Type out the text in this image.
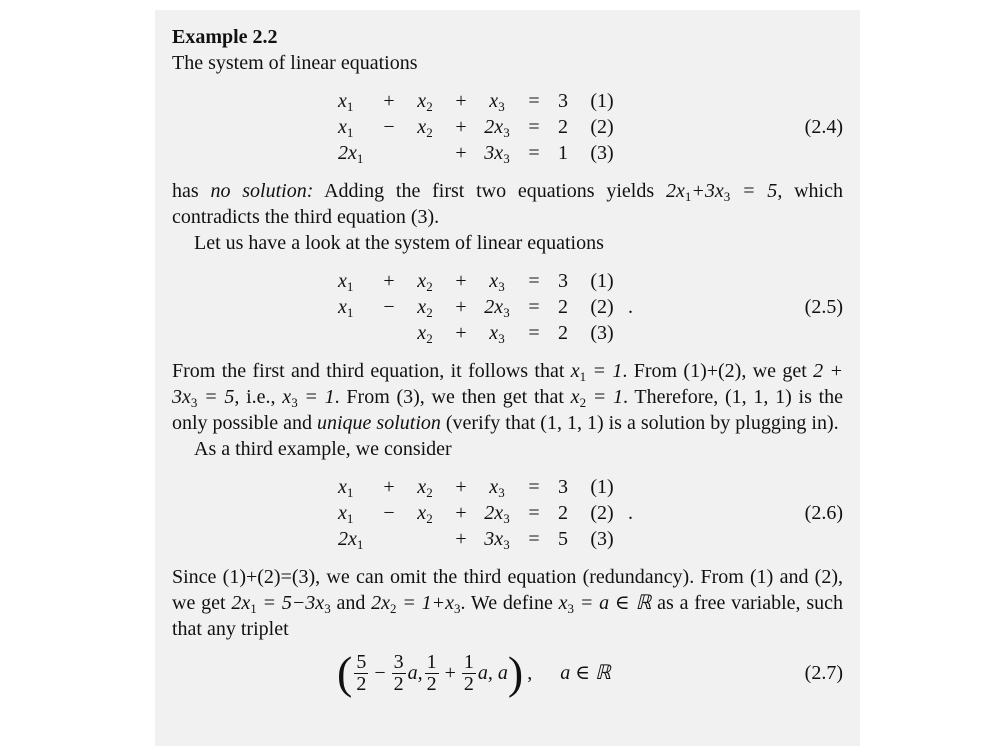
Example 2.2

The system of linear equations

$x_1$	+	$x_2$	+	$x_3$	=	3	(1)	
$x_1$	−	$x_2$	+	$2x_3$	=	2	(2)	
$2x_1$			+	$3x_3$	=	1	(3)	
(2.4)

has no solution: Adding the first two equations yields $2x_1+3x_3 = 5$, which contradicts the third equation (3).

Let us have a look at the system of linear equations

$x_1$	+	$x_2$	+	$x_3$	=	3	(1)	
$x_1$	−	$x_2$	+	$2x_3$	=	2	(2)	.
		$x_2$	+	$x_3$	=	2	(3)	
(2.5)

From the first and third equation, it follows that $x_1 = 1$. From (1)+(2), we get $2 + 3x_3 = 5$, i.e., $x_3 = 1$. From (3), we then get that $x_2 = 1$. Therefore, (1, 1, 1) is the only possible and unique solution (verify that (1, 1, 1) is a solution by plugging in).

As a third example, we consider

$x_1$	+	$x_2$	+	$x_3$	=	3	(1)	
$x_1$	−	$x_2$	+	$2x_3$	=	2	(2)	.
$2x_1$			+	$3x_3$	=	5	(3)	
(2.6)

Since (1)+(2)=(3), we can omit the third equation (redundancy). From (1) and (2), we get $2x_1 = 5-3x_3$ and $2x_2 = 1+x_3$. We define $x_3 = a$ ∈ ℝ as a free variable, such that any triplet

( $\frac{5}{2} - \frac{3}{2} a$, $\frac{1}{2} + \frac{1}{2} a$, a ) , a ∈ ℝ	(2.7)
